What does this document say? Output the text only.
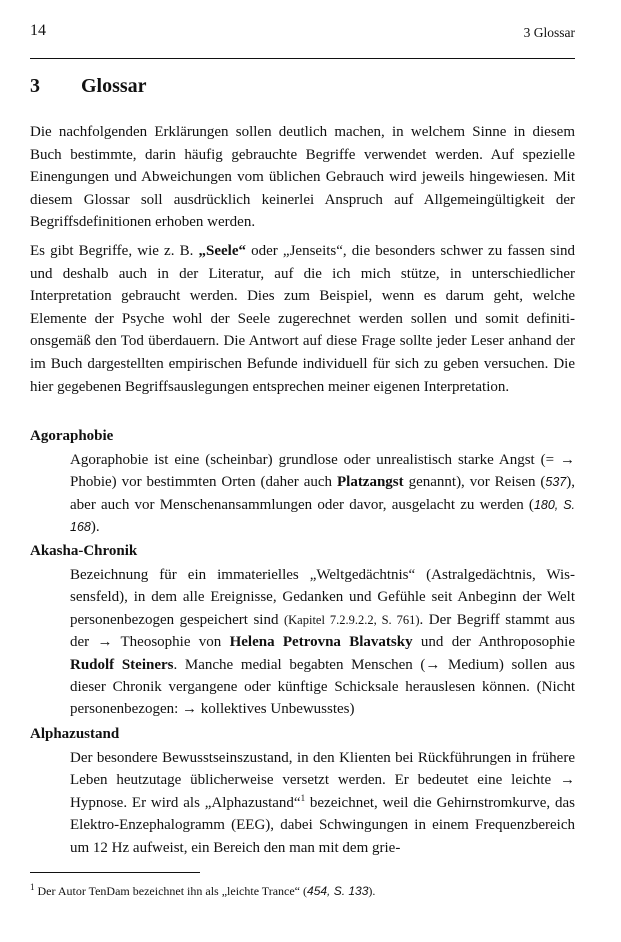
14	3 Glossar
3 Glossar

Die nachfolgenden Erklärungen sollen deutlich machen, in welchem Sinne in diesem Buch bestimmte, darin häufig gebrauchte Begriffe verwendet werden. Auf spezielle Einengungen und Abweichungen vom üblichen Gebrauch wird jeweils hingewiesen. Mit diesem Glossar soll ausdrücklich keinerlei Anspruch auf Allgemeingültigkeit der Begriffsdefinitionen erhoben werden.

Es gibt Begriffe, wie z. B. „Seele“ oder „Jenseits“, die besonders schwer zu fassen sind und deshalb auch in der Literatur, auf die ich mich stütze, in unterschiedlicher Interpretation gebraucht werden. Dies zum Beispiel, wenn es darum geht, welche Elemente der Psyche wohl der Seele zugerechnet werden sollen und somit definitionsgemäß den Tod überdauern. Die Antwort auf diese Frage sollte jeder Leser anhand der im Buch dargestellten empirischen Befunde individuell für sich zu geben versuchen. Die hier gegebenen Begriffsauslegungen entsprechen meiner eigenen Interpretation.

Agoraphobie
Agoraphobie ist eine (scheinbar) grundlose oder unrealistisch starke Angst (= → Phobie) vor bestimmten Orten (daher auch Platzangst genannt), vor Reisen (537), aber auch vor Menschenansammlungen oder davor, ausgelacht zu werden (180, S. 168).
Akasha-Chronik
Bezeichnung für ein immaterielles „Weltgedächtnis“ (Astralgedächtnis, Wissensfeld), in dem alle Ereignisse, Gedanken und Gefühle seit Anbeginn der Welt personenbezogen gespeichert sind (Kapitel 7.2.9.2.2, S. 761). Der Begriff stammt aus der → Theosophie von Helena Petrovna Blavatsky und der Anthroposophie Rudolf Steiners. Manche medial begabten Menschen (→ Medium) sollen aus dieser Chronik vergangene oder künftige Schicksale herauslesen können. (Nicht personenbezogen: → kollektives Unbewusstes)
Alphazustand
Der besondere Bewusstseinszustand, in den Klienten bei Rückführungen in frühere Leben heutzutage üblicherweise versetzt werden. Er bedeutet eine leichte → Hypnose. Er wird als „Alphazustand“$^1$ bezeichnet, weil die Gehirnstromkurve, das Elektro-Enzephalogramm (EEG), dabei Schwingungen in einem Frequenzbereich um 12 Hz aufweist, ein Bereich den man mit dem grie-
$^1$ Der Autor TenDam bezeichnet ihn als „leichte Trance“ (454, S. 133).
